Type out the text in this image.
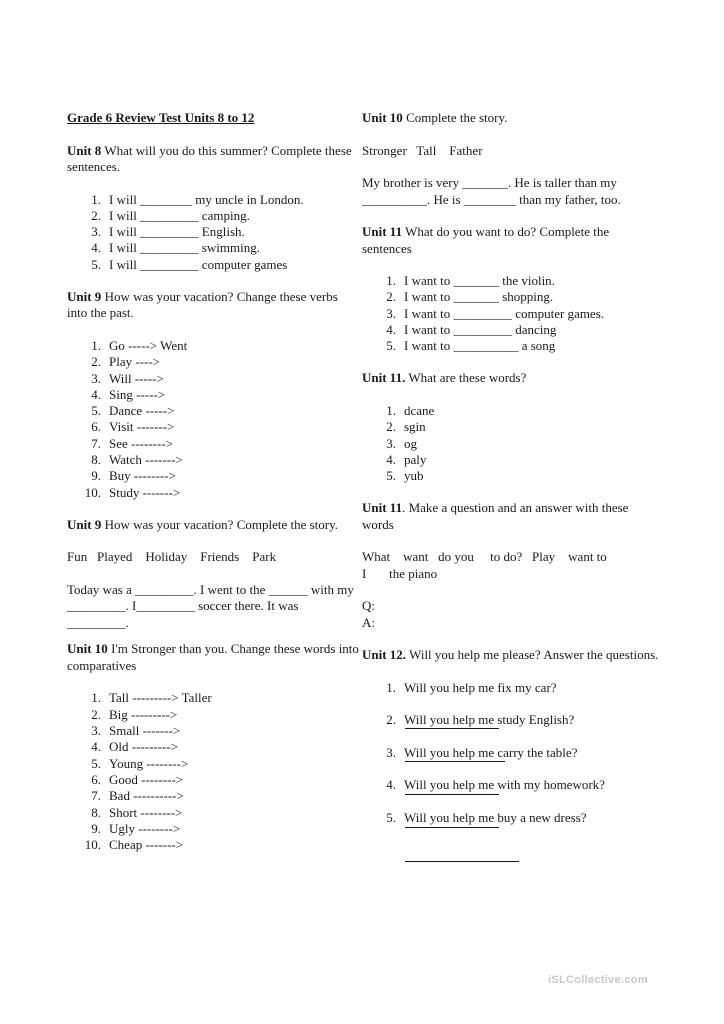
Grade 6 Review Test Units 8 to 12

Unit 8 What will you do this summer? Complete these sentences.

1. I will ________ my uncle in London.
2. I will _________ camping.
3. I will _________ English.
4. I will _________ swimming.
5. I will _________ computer games

Unit 9 How was your vacation? Change these verbs into the past.

1. Go -----> Went
2. Play ---->
3. Will ----->
4. Sing ----->
5. Dance ----->
6. Visit ------->
7. See -------->
8. Watch ------->
9. Buy -------->
10. Study ------->

Unit 9 How was your vacation? Complete the story.

Fun   Played    Holiday    Friends    Park

Today was a _________. I went to the ______ with my _________. I_________ soccer there. It was _________.

Unit 10 I'm Stronger than you. Change these words into comparatives

1. Tall ---------> Taller
2. Big --------->
3. Small ------->
4. Old --------->
5. Young -------->
6. Good -------->
7. Bad ---------->
8. Short -------->
9. Ugly -------->
10. Cheap ------->

Unit 10 Complete the story.

Stronger   Tall    Father

My brother is very _______. He is taller than my __________. He is ________ than my father, too.

Unit 11 What do you want to do? Complete the sentences

1. I want to _______ the violin.
2. I want to _______ shopping.
3. I want to _________ computer games.
4. I want to _________ dancing
5. I want to __________ a song

Unit 11. What are these words?

1. dcane
2. sgin
3. og
4. paly
5. yub

Unit 11. Make a question and an answer with these words

What    want   do you     to do?   Play    want to

I       the piano

Q:

A:

Unit 12. Will you help me please? Answer the questions.

1. Will you help me fix my car?
2. Will you help me study English?
3. Will you help me carry the table?
4. Will you help me with my homework?
5. Will you help me buy a new dress?
iSLCollective.com
